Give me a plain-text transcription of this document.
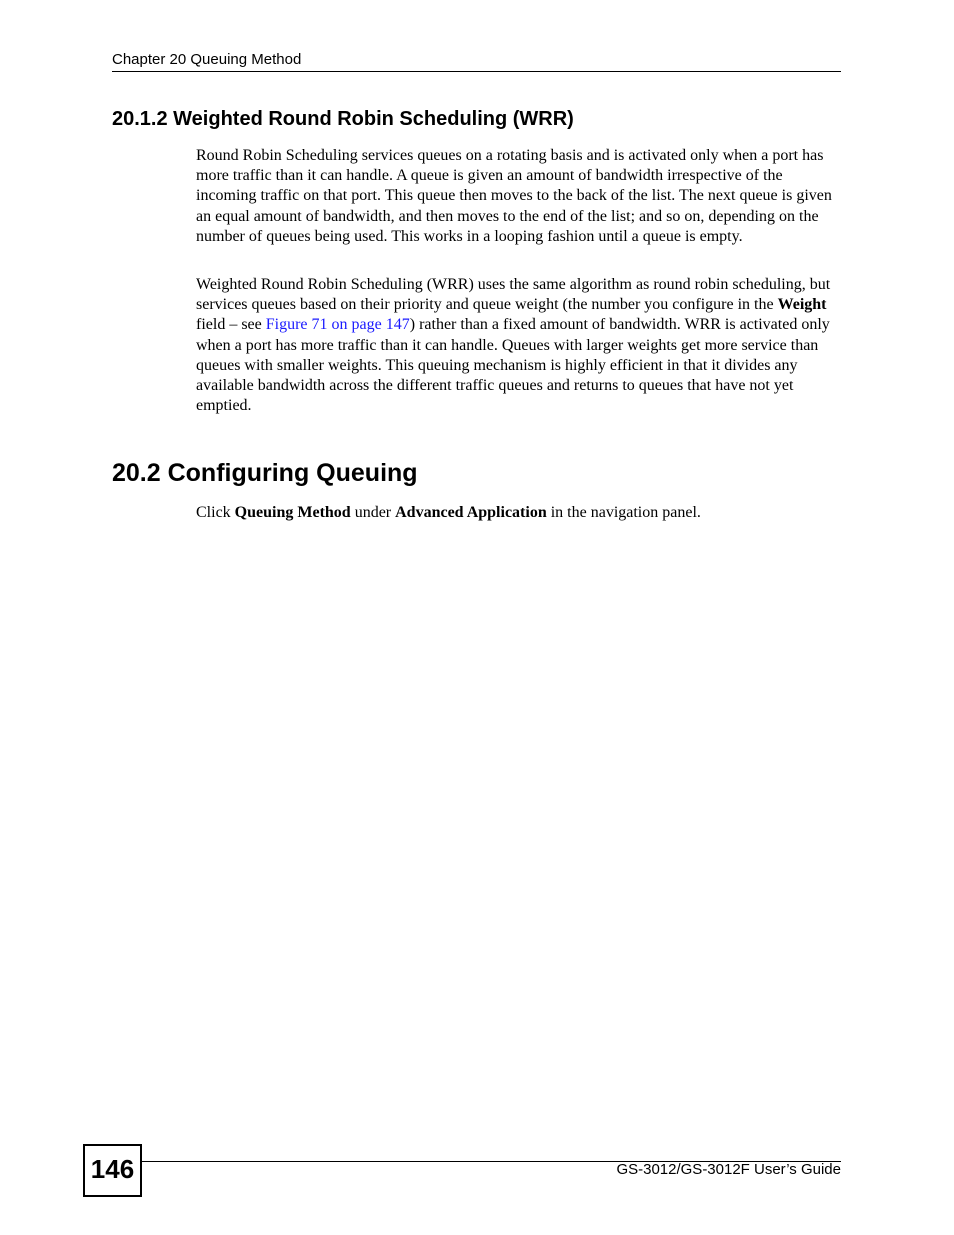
Chapter 20 Queuing Method
20.1.2 Weighted Round Robin Scheduling (WRR)

Round Robin Scheduling services queues on a rotating basis and is activated only when a port has more traffic than it can handle. A queue is given an amount of bandwidth irrespective of the incoming traffic on that port. This queue then moves to the back of the list. The next queue is given an equal amount of bandwidth, and then moves to the end of the list; and so on, depending on the number of queues being used. This works in a looping fashion until a queue is empty.

Weighted Round Robin Scheduling (WRR) uses the same algorithm as round robin scheduling, but services queues based on their priority and queue weight (the number you configure in the Weight field – see Figure 71 on page 147) rather than a fixed amount of bandwidth. WRR is activated only when a port has more traffic than it can handle. Queues with larger weights get more service than queues with smaller weights. This queuing mechanism is highly efficient in that it divides any available bandwidth across the different traffic queues and returns to queues that have not yet emptied.

20.2 Configuring Queuing

Click Queuing Method under Advanced Application in the navigation panel.

146	GS-3012/GS-3012F User’s Guide
